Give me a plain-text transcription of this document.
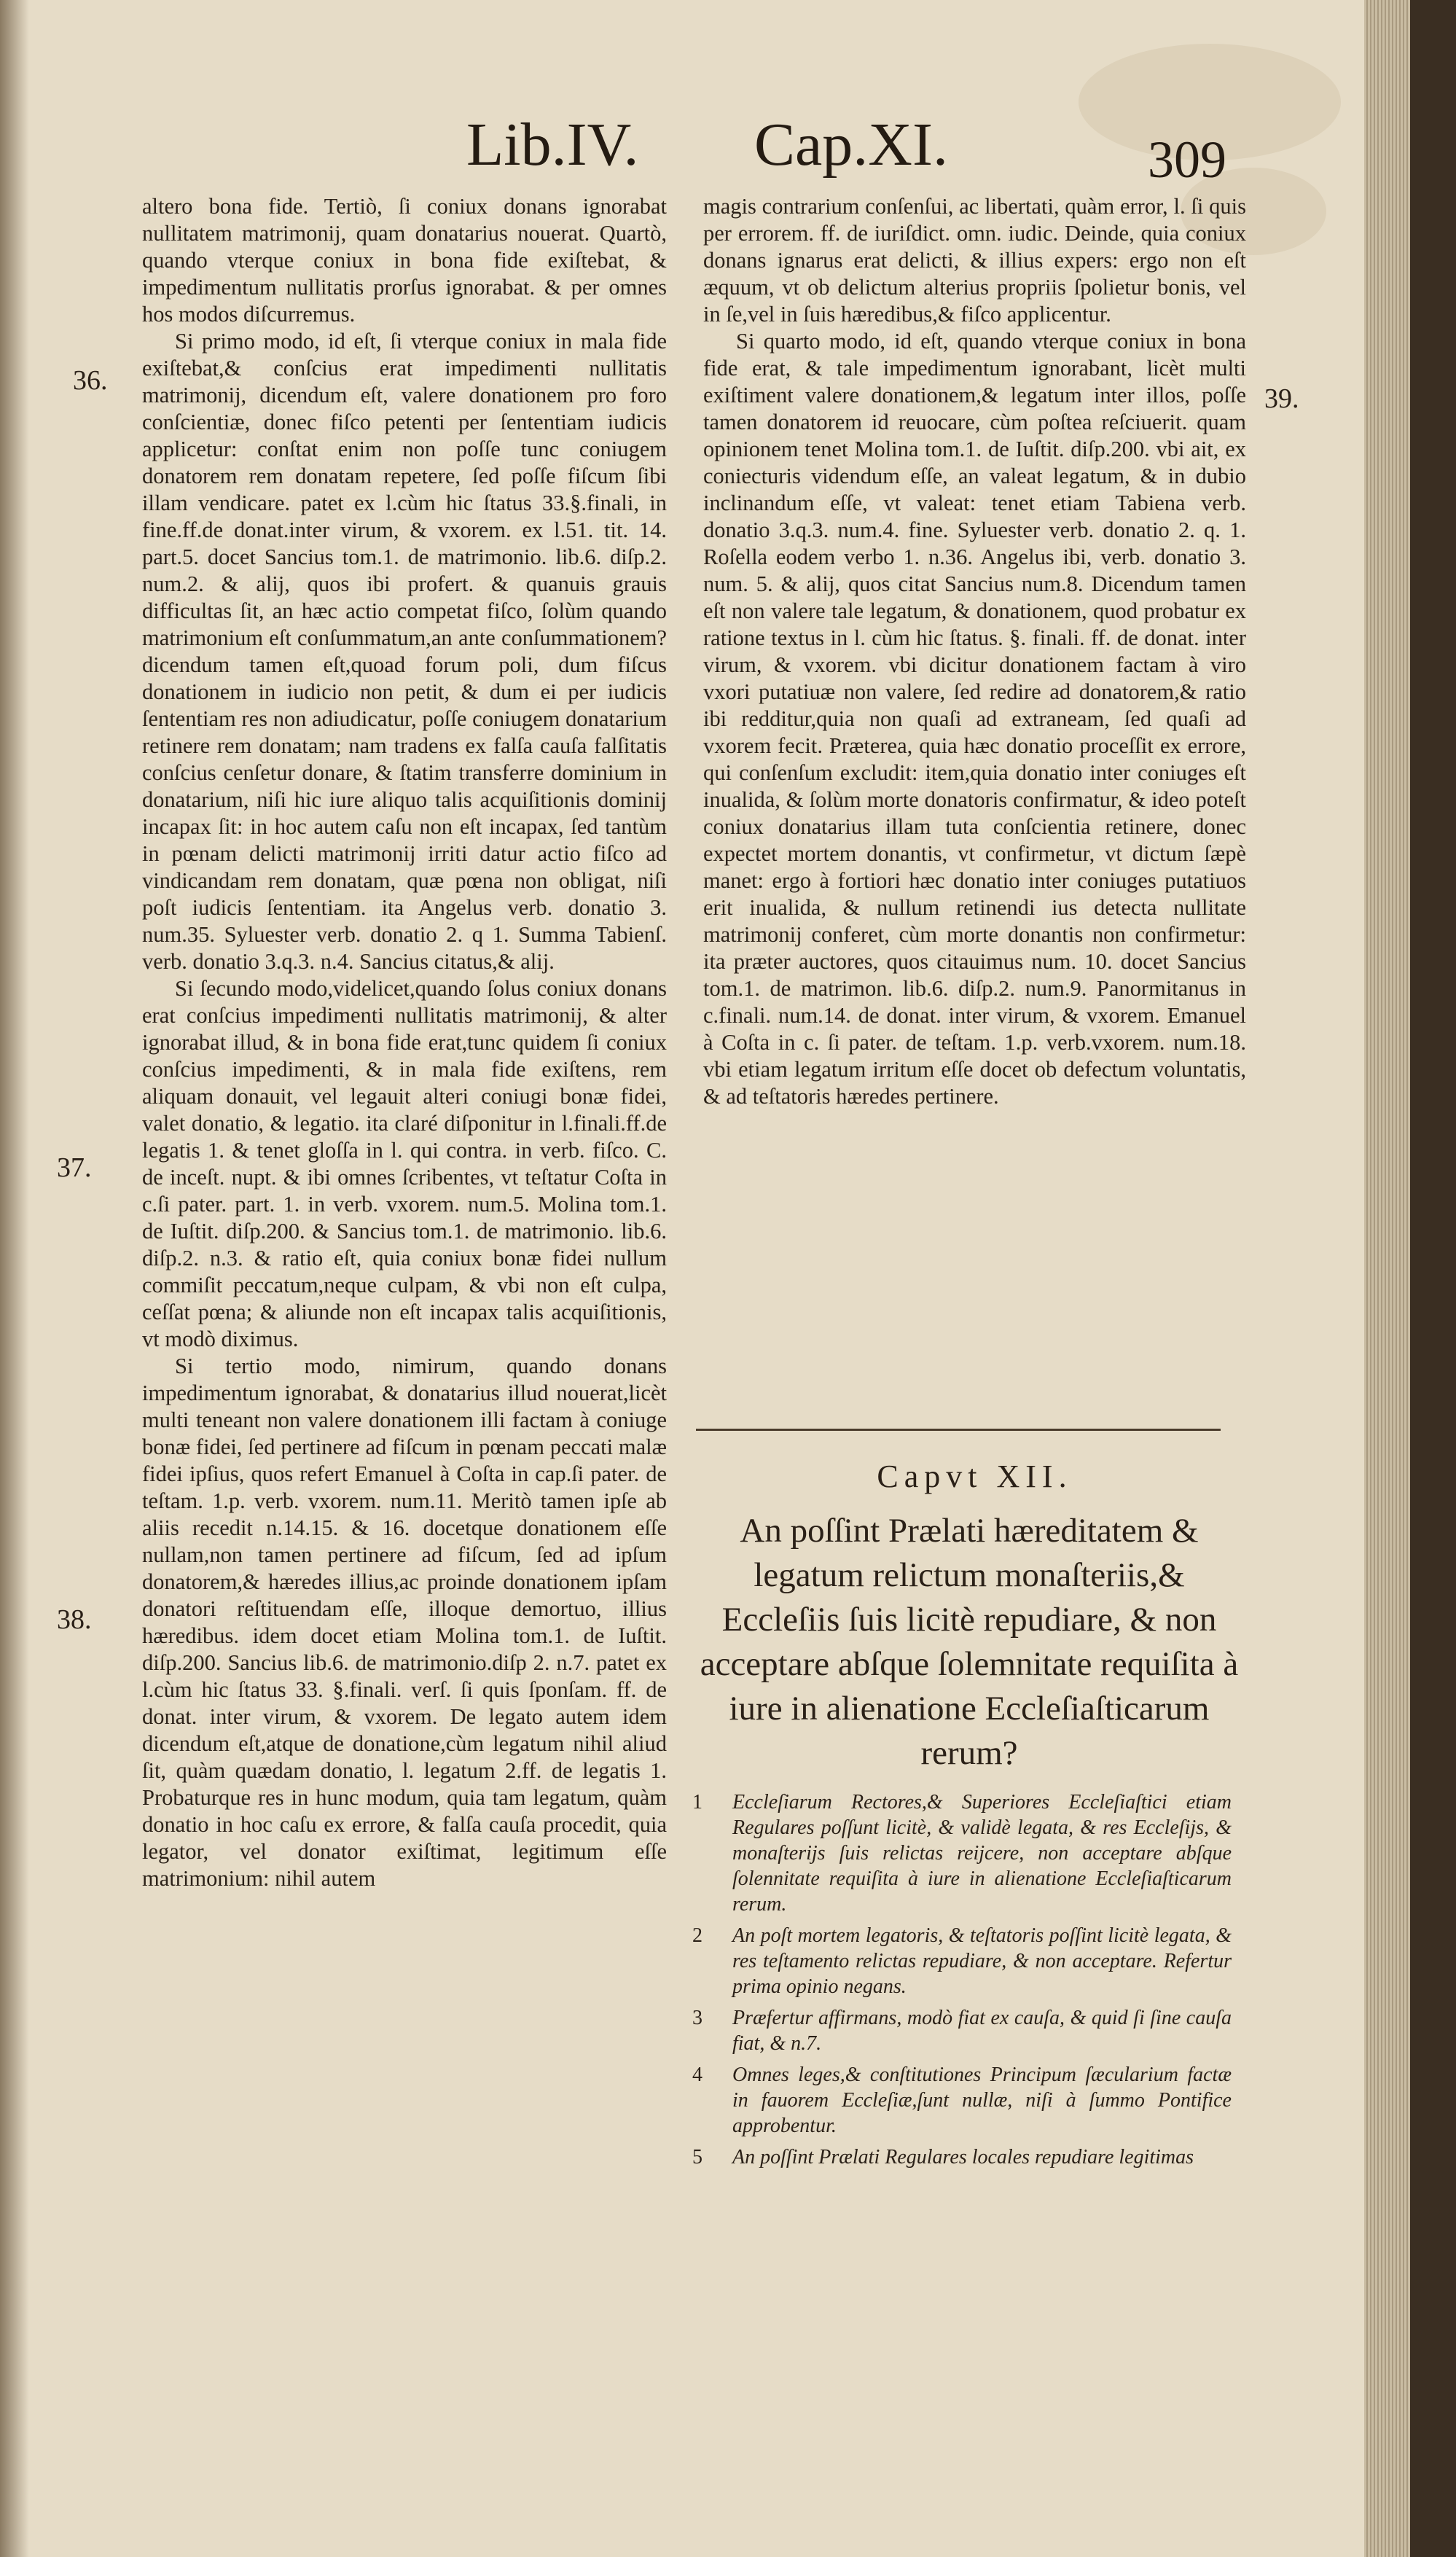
Lib.IV. Cap.XI.	309
36.
37.
38.
39.

altero bona fide. Tertiò, ſi coniux donans ignorabat nullitatem matrimonij, quam donatarius nouerat. Quartò, quando vterque coniux in bona fide exiſtebat, & impedimentum nullitatis prorſus ignorabat. & per omnes hos modos diſcurremus.

Si primo modo, id eſt, ſi vterque coniux in mala fide exiſtebat,& conſcius erat impedimenti nullitatis matrimonij, dicendum eſt, valere donationem pro foro conſcientiæ, donec fiſco petenti per ſententiam iudicis applicetur: conſtat enim non poſſe tunc coniugem donatorem rem donatam repetere, ſed poſſe fiſcum ſibi illam vendicare. patet ex l.cùm hic ſtatus 33.§.finali, in fine.ff.de donat.inter virum, & vxorem. ex l.51. tit. 14. part.5. docet Sancius tom.1. de matrimonio. lib.6. diſp.2. num.2. & alij, quos ibi profert. & quanuis grauis difficultas ſit, an hæc actio competat fiſco, ſolùm quando matrimonium eſt conſummatum,an ante conſummationem? dicendum tamen eſt,quoad forum poli, dum fiſcus donationem in iudicio non petit, & dum ei per iudicis ſententiam res non adiudicatur, poſſe coniugem donatarium retinere rem donatam; nam tradens ex falſa cauſa falſitatis conſcius cenſetur donare, & ſtatim transferre dominium in donatarium, niſi hic iure aliquo talis acquiſitionis dominij incapax ſit: in hoc autem caſu non eſt incapax, ſed tantùm in pœnam delicti matrimonij irriti datur actio fiſco ad vindicandam rem donatam, quæ pœna non obligat, niſi poſt iudicis ſententiam. ita Angelus verb. donatio 3. num.35. Syluester verb. donatio 2. q 1. Summa Tabienſ. verb. donatio 3.q.3. n.4. Sancius citatus,& alij.

Si ſecundo modo,videlicet,quando ſolus coniux donans erat conſcius impedimenti nullitatis matrimonij, & alter ignorabat illud, & in bona fide erat,tunc quidem ſi coniux conſcius impedimenti, & in mala fide exiſtens, rem aliquam donauit, vel legauit alteri coniugi bonæ fidei, valet donatio, & legatio. ita claré diſponitur in l.finali.ff.de legatis 1. & tenet gloſſa in l. qui contra. in verb. fiſco. C. de inceſt. nupt. & ibi omnes ſcribentes, vt teſtatur Coſta in c.ſi pater. part. 1. in verb. vxorem. num.5. Molina tom.1. de Iuſtit. diſp.200. & Sancius tom.1. de matrimonio. lib.6. diſp.2. n.3. & ratio eſt, quia coniux bonæ fidei nullum commiſit peccatum,neque culpam, & vbi non eſt culpa, ceſſat pœna; & aliunde non eſt incapax talis acquiſitionis, vt modò diximus.

Si tertio modo, nimirum, quando donans impedimentum ignorabat, & donatarius illud nouerat,licèt multi teneant non valere donationem illi factam à coniuge bonæ fidei, ſed pertinere ad fiſcum in pœnam peccati malæ fidei ipſius, quos refert Emanuel à Coſta in cap.ſi pater. de teſtam. 1.p. verb. vxorem. num.11. Meritò tamen ipſe ab aliis recedit n.14.15. & 16. docetque donationem eſſe nullam,non tamen pertinere ad fiſcum, ſed ad ipſum donatorem,& hæredes illius,ac proinde donationem ipſam donatori reſtituendam eſſe, illoque demortuo, illius hæredibus. idem docet etiam Molina tom.1. de Iuſtit. diſp.200. Sancius lib.6. de matrimonio.diſp 2. n.7. patet ex l.cùm hic ſtatus 33. §.finali. verſ. ſi quis ſponſam. ff. de donat. inter virum, & vxorem. De legato autem idem dicendum eſt,atque de donatione,cùm legatum nihil aliud ſit, quàm quædam donatio, l. legatum 2.ff. de legatis 1. Probaturque res in hunc modum, quia tam legatum, quàm donatio in hoc caſu ex errore, & falſa cauſa procedit, quia legator, vel donator exiſtimat, legitimum eſſe matrimonium: nihil autem

magis contrarium conſenſui, ac libertati, quàm error, l. ſi quis per errorem. ff. de iuriſdict. omn. iudic. Deinde, quia coniux donans ignarus erat delicti, & illius expers: ergo non eſt æquum, vt ob delictum alterius propriis ſpolietur bonis, vel in ſe,vel in ſuis hæredibus,& fiſco applicentur.

Si quarto modo, id eſt, quando vterque coniux in bona fide erat, & tale impedimentum ignorabant, licèt multi exiſtiment valere donationem,& legatum inter illos, poſſe tamen donatorem id reuocare, cùm poſtea reſciuerit. quam opinionem tenet Molina tom.1. de Iuſtit. diſp.200. vbi ait, ex coniecturis videndum eſſe, an valeat legatum, & in dubio inclinandum eſſe, vt valeat: tenet etiam Tabiena verb. donatio 3.q.3. num.4. fine. Syluester verb. donatio 2. q. 1. Roſella eodem verbo 1. n.36. Angelus ibi, verb. donatio 3. num. 5. & alij, quos citat Sancius num.8. Dicendum tamen eſt non valere tale legatum, & donationem, quod probatur ex ratione textus in l. cùm hic ſtatus. §. finali. ff. de donat. inter virum, & vxorem. vbi dicitur donationem factam à viro vxori putatiuæ non valere, ſed redire ad donatorem,& ratio ibi redditur,quia non quaſi ad extraneam, ſed quaſi ad vxorem fecit. Præterea, quia hæc donatio proceſſit ex errore, qui conſenſum excludit: item,quia donatio inter coniuges eſt inualida, & ſolùm morte donatoris confirmatur, & ideo poteſt coniux donatarius illam tuta conſcientia retinere, donec expectet mortem donantis, vt confirmetur, vt dictum ſæpè manet: ergo à fortiori hæc donatio inter coniuges putatiuos erit inualida, & nullum retinendi ius detecta nullitate matrimonij conferet, cùm morte donantis non confirmetur: ita præter auctores, quos citauimus num. 10. docet Sancius tom.1. de matrimon. lib.6. diſp.2. num.9. Panormitanus in c.finali. num.14. de donat. inter virum, & vxorem. Emanuel à Coſta in c. ſi pater. de teſtam. 1.p. verb.vxorem. num.18. vbi etiam legatum irritum eſſe docet ob defectum voluntatis, & ad teſtatoris hæredes pertinere.

Capvt XII.
An poſſint Prælati hæreditatem & legatum relictum monaſteriis,& Eccleſiis ſuis licitè repudiare, & non acceptare abſque ſolemnitate requiſita à iure in alienatione Eccleſiaſticarum rerum?
1 Eccleſiarum Rectores,& Superiores Eccleſiaſtici etiam Regulares poſſunt licitè, & validè legata, & res Eccleſijs, & monaſterijs ſuis relictas reijcere, non acceptare abſque ſolennitate requiſita à iure in alienatione Eccleſiaſticarum rerum.
2 An poſt mortem legatoris, & teſtatoris poſſint licitè legata, & res teſtamento relictas repudiare, & non acceptare. Refertur prima opinio negans.
3 Præfertur affirmans, modò fiat ex cauſa, & quid ſi ſine cauſa fiat, & n.7.
4 Omnes leges,& conſtitutiones Principum ſæcularium factæ in fauorem Eccleſiæ,ſunt nullæ, niſi à ſummo Pontifice approbentur.
5 An poſſint Prælati Regulares locales repudiare legitimas
